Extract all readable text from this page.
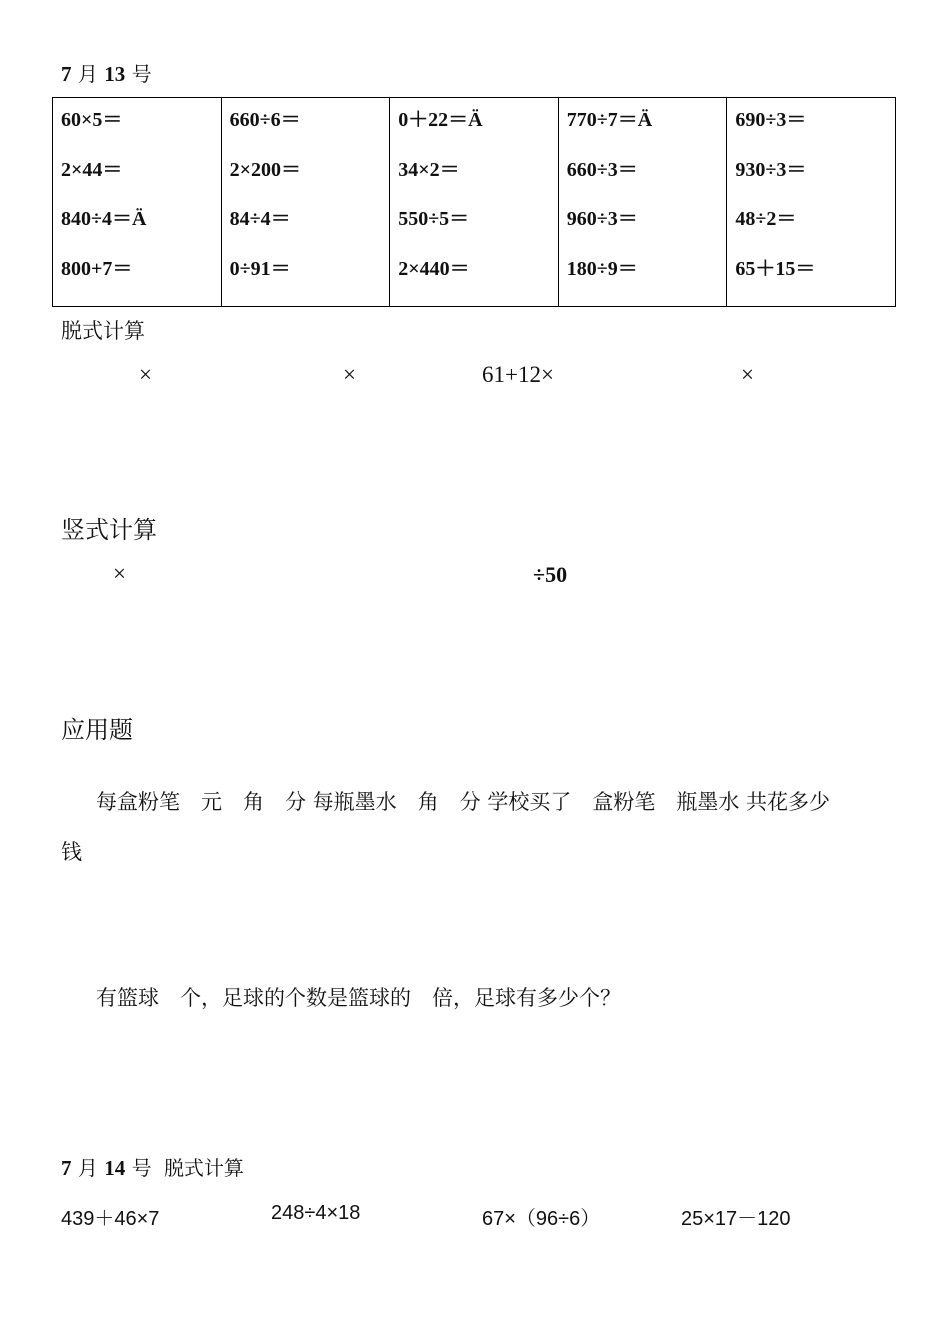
7 月 13 号
60×5＝
2×44＝
840÷4＝Ä
800+7＝

660÷6＝
2×200＝
84÷4＝
0÷91＝

0＋22＝Ä
34×2＝
550÷5＝
2×440＝

770÷7＝Ä
660÷3＝
960÷3＝
180÷9＝

690÷3＝
930÷3＝
48÷2＝
65＋15＝
脱式计算
×	×	61+12×	×
竖式计算
×	÷50
应用题
每盒粉笔　元　角　分 每瓶墨水　角　分 学校买了　盒粉笔　瓶墨水 共花多少
钱
有篮球　个，足球的个数是篮球的　倍，足球有多少个？
7 月 14 号 脱式计算
439＋46×7	248÷4×18	67×（96÷6）	25×17－120
